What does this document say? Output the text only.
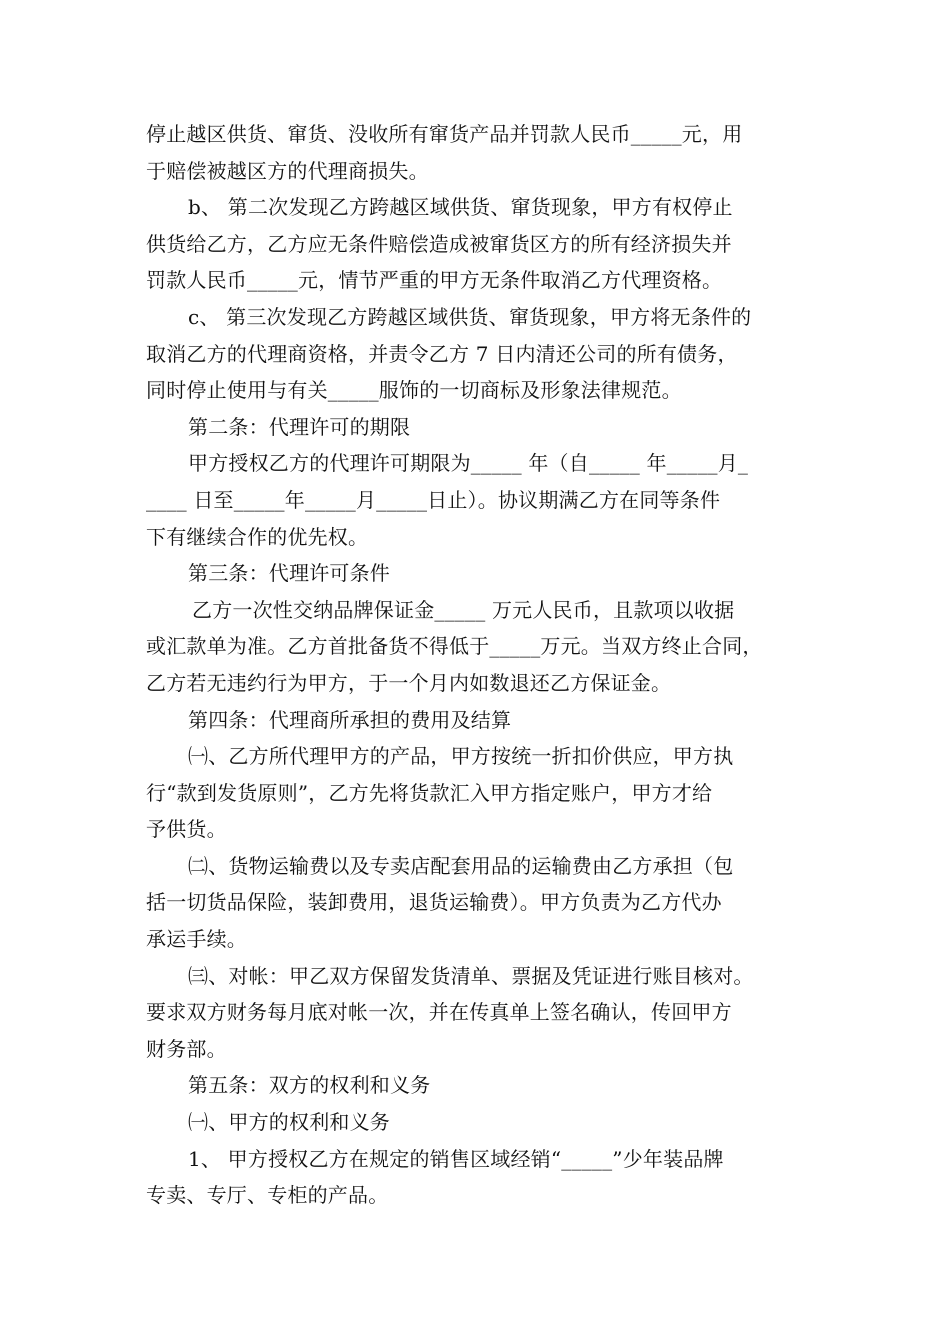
停止越区供货、窜货、没收所有窜货产品并罚款人民币_____元，用
于赔偿被越区方的代理商损失。
b、 第二次发现乙方跨越区域供货、窜货现象，甲方有权停止
供货给乙方，乙方应无条件赔偿造成被窜货区方的所有经济损失并
罚款人民币_____元，情节严重的甲方无条件取消乙方代理资格。
c、 第三次发现乙方跨越区域供货、窜货现象，甲方将无条件的
取消乙方的代理商资格，并责令乙方 7 日内清还公司的所有债务，
同时停止使用与有关_____服饰的一切商标及形象法律规范。
第二条：代理许可的期限
甲方授权乙方的代理许可期限为_____ 年（自_____ 年_____月_
____ 日至_____年_____月_____日止）。协议期满乙方在同等条件
下有继续合作的优先权。
第三条：代理许可条件
乙方一次性交纳品牌保证金_____ 万元人民币，且款项以收据
或汇款单为准。乙方首批备货不得低于_____万元。当双方终止合同，
乙方若无违约行为甲方，于一个月内如数退还乙方保证金。
第四条：代理商所承担的费用及结算
㈠、乙方所代理甲方的产品，甲方按统一折扣价供应，甲方执
行“款到发货原则”，乙方先将货款汇入甲方指定账户，甲方才给
予供货。
㈡、货物运输费以及专卖店配套用品的运输费由乙方承担（包
括一切货品保险，装卸费用，退货运输费）。甲方负责为乙方代办
承运手续。
㈢、对帐：甲乙双方保留发货清单、票据及凭证进行账目核对。
要求双方财务每月底对帐一次，并在传真单上签名确认，传回甲方
财务部。
第五条：双方的权利和义务
㈠、甲方的权利和义务
1、 甲方授权乙方在规定的销售区域经销“_____”少年装品牌
专卖、专厅、专柜的产品。
